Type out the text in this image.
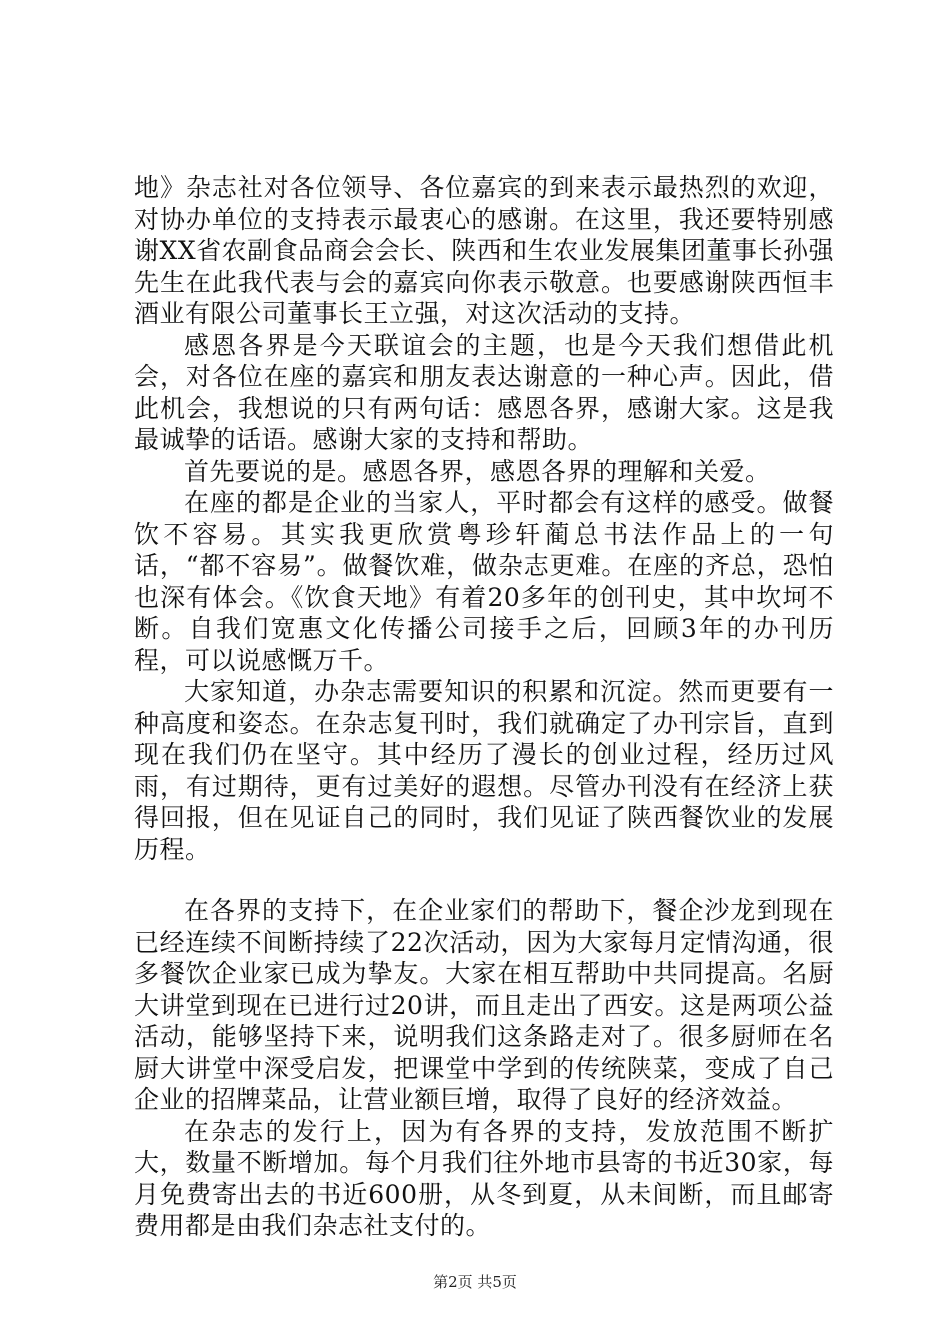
地》杂志社对各位领导、各位嘉宾的到来表示最热烈的欢迎，对协办单位的支持表示最衷心的感谢。在这里，我还要特别感谢XX省农副食品商会会长、陕西和生农业发展集团董事长孙强先生在此我代表与会的嘉宾向你表示敬意。也要感谢陕西恒丰酒业有限公司董事长王立强，对这次活动的支持。

感恩各界是今天联谊会的主题，也是今天我们想借此机会，对各位在座的嘉宾和朋友表达谢意的一种心声。因此，借此机会，我想说的只有两句话：感恩各界，感谢大家。这是我最诚挚的话语。感谢大家的支持和帮助。

首先要说的是。感恩各界，感恩各界的理解和关爱。

在座的都是企业的当家人，平时都会有这样的感受。做餐饮不容易。其实我更欣赏粤珍轩蔺总书法作品上的一句话，“都不容易”。做餐饮难，做杂志更难。在座的齐总，恐怕也深有体会。《饮食天地》有着20多年的创刊史，其中坎坷不断。自我们宽惠文化传播公司接手之后，回顾3年的办刊历程，可以说感慨万千。

大家知道，办杂志需要知识的积累和沉淀。然而更要有一种高度和姿态。在杂志复刊时，我们就确定了办刊宗旨，直到现在我们仍在坚守。其中经历了漫长的创业过程，经历过风雨，有过期待，更有过美好的遐想。尽管办刊没有在经济上获得回报，但在见证自己的同时，我们见证了陕西餐饮业的发展历程。

在各界的支持下，在企业家们的帮助下，餐企沙龙到现在已经连续不间断持续了22次活动，因为大家每月定情沟通，很多餐饮企业家已成为挚友。大家在相互帮助中共同提高。名厨大讲堂到现在已进行过20讲，而且走出了西安。这是两项公益活动，能够坚持下来，说明我们这条路走对了。很多厨师在名厨大讲堂中深受启发，把课堂中学到的传统陕菜，变成了自己企业的招牌菜品，让营业额巨增，取得了良好的经济效益。

在杂志的发行上，因为有各界的支持，发放范围不断扩大，数量不断增加。每个月我们往外地市县寄的书近30家，每月免费寄出去的书近600册，从冬到夏，从未间断，而且邮寄费用都是由我们杂志社支付的。

第2页 共5页
